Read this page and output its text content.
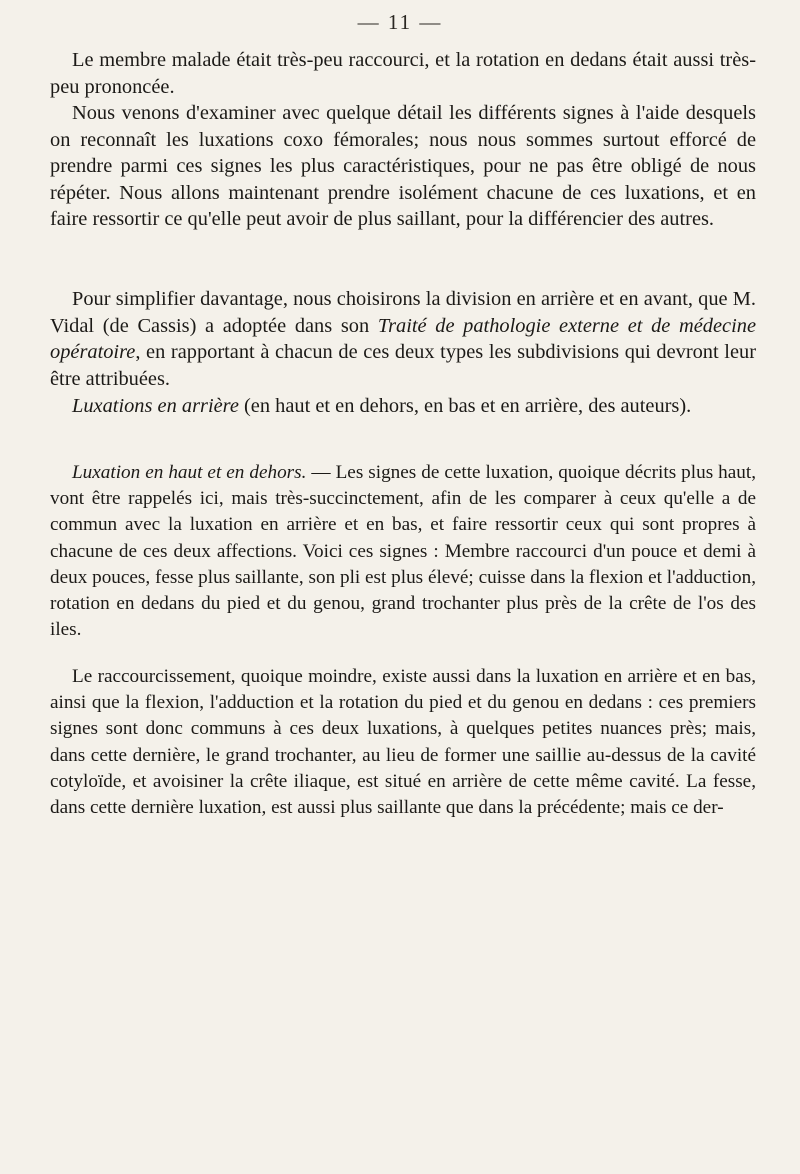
— 11 —

Le membre malade était très-peu raccourci, et la rotation en dedans était aussi très-peu prononcée.

Nous venons d'examiner avec quelque détail les différents signes à l'aide desquels on reconnaît les luxations coxo fémorales; nous nous sommes surtout efforcé de prendre parmi ces signes les plus caractéristiques, pour ne pas être obligé de nous répéter. Nous allons maintenant prendre isolément chacune de ces luxations, et en faire ressortir ce qu'elle peut avoir de plus saillant, pour la différencier des autres.

Pour simplifier davantage, nous choisirons la division en arrière et en avant, que M. Vidal (de Cassis) a adoptée dans son Traité de pathologie externe et de médecine opératoire, en rapportant à chacun de ces deux types les subdivisions qui devront leur être attribuées.

Luxations en arrière (en haut et en dehors, en bas et en arrière, des auteurs).

Luxation en haut et en dehors. — Les signes de cette luxation, quoique décrits plus haut, vont être rappelés ici, mais très-succinctement, afin de les comparer à ceux qu'elle a de commun avec la luxation en arrière et en bas, et faire ressortir ceux qui sont propres à chacune de ces deux affections. Voici ces signes : Membre raccourci d'un pouce et demi à deux pouces, fesse plus saillante, son pli est plus élevé; cuisse dans la flexion et l'adduction, rotation en dedans du pied et du genou, grand trochanter plus près de la crête de l'os des iles.

Le raccourcissement, quoique moindre, existe aussi dans la luxation en arrière et en bas, ainsi que la flexion, l'adduction et la rotation du pied et du genou en dedans : ces premiers signes sont donc communs à ces deux luxations, à quelques petites nuances près; mais, dans cette dernière, le grand trochanter, au lieu de former une saillie au-dessus de la cavité cotyloïde, et avoisiner la crête iliaque, est situé en arrière de cette même cavité. La fesse, dans cette dernière luxation, est aussi plus saillante que dans la précédente; mais ce der-
